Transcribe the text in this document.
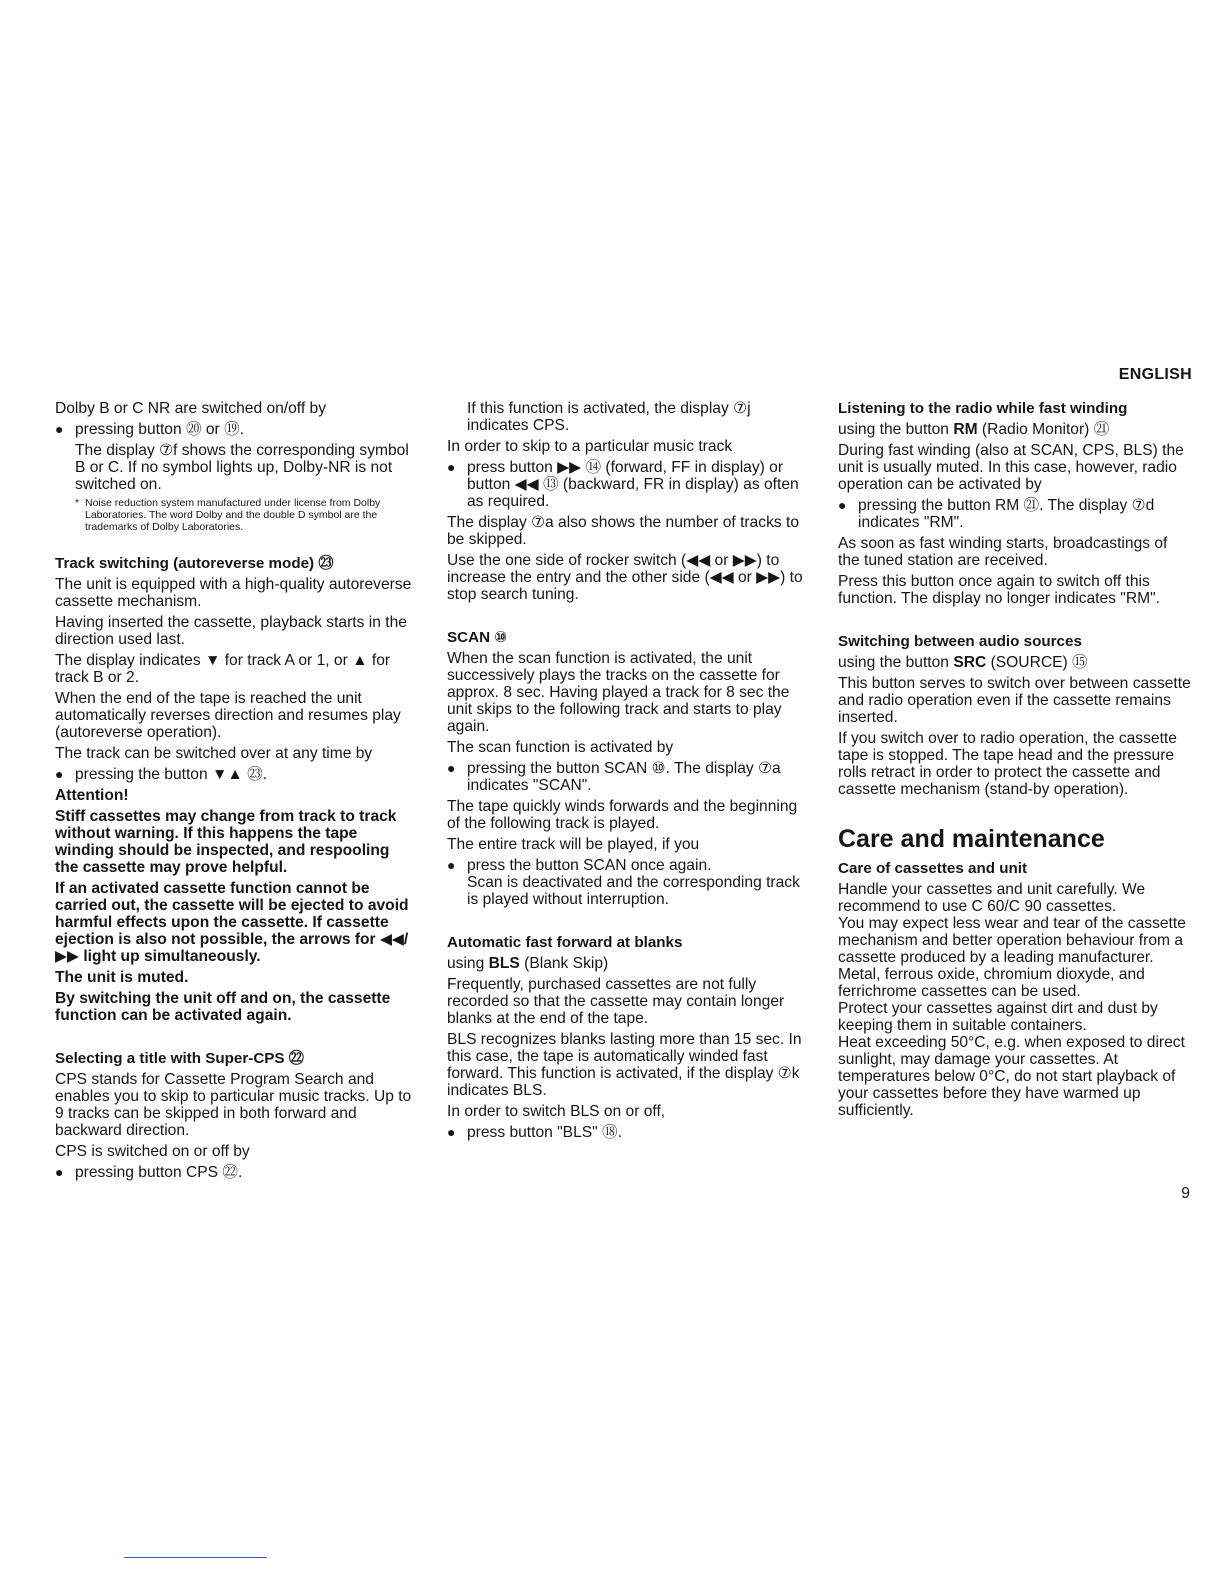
ENGLISH

Dolby B or C NR are switched on/off by

● pressing button ⑳ or ⑲.

The display ⑦f shows the corresponding symbol B or C. If no symbol lights up, Dolby-NR is not switched on.

* Noise reduction system manufactured under license from Dolby Laboratories. The word Dolby and the double D symbol are the trademarks of Dolby Laboratories.

Track switching (autoreverse mode) ㉓

The unit is equipped with a high-quality autoreverse cassette mechanism.

Having inserted the cassette, playback starts in the direction used last.

The display indicates ▼ for track A or 1, or ▲ for track B or 2.

When the end of the tape is reached the unit automatically reverses direction and resumes play (autoreverse operation).

The track can be switched over at any time by

● pressing the button ▼▲ ㉓.

Attention!

Stiff cassettes may change from track to track without warning. If this happens the tape winding should be inspected, and respooling the cassette may prove helpful.

If an activated cassette function cannot be carried out, the cassette will be ejected to avoid harmful effects upon the cassette. If cassette ejection is also not possible, the arrows for ◀◀/▶▶ light up simultaneously.

The unit is muted.

By switching the unit off and on, the cassette function can be activated again.

Selecting a title with Super-CPS ㉒

CPS stands for Cassette Program Search and enables you to skip to particular music tracks. Up to 9 tracks can be skipped in both forward and backward direction.

CPS is switched on or off by

● pressing button CPS ㉒.

If this function is activated, the display ⑦j indicates CPS.

In order to skip to a particular music track

● press button ▶▶ ⑭ (forward, FF in display) or button ◀◀ ⑬ (backward, FR in display) as often as required.

The display ⑦a also shows the number of tracks to be skipped.

Use the one side of rocker switch (◀◀ or ▶▶) to increase the entry and the other side (◀◀ or ▶▶) to stop search tuning.

SCAN ⑩

When the scan function is activated, the unit successively plays the tracks on the cassette for approx. 8 sec. Having played a track for 8 sec the unit skips to the following track and starts to play again.

The scan function is activated by

● pressing the button SCAN ⑩. The display ⑦a indicates "SCAN".

The tape quickly winds forwards and the beginning of the following track is played.

The entire track will be played, if you

● press the button SCAN once again.

Scan is deactivated and the corresponding track is played without interruption.

Automatic fast forward at blanks

using BLS (Blank Skip)

Frequently, purchased cassettes are not fully recorded so that the cassette may contain longer blanks at the end of the tape.

BLS recognizes blanks lasting more than 15 sec. In this case, the tape is automatically winded fast forward. This function is activated, if the display ⑦k indicates BLS.

In order to switch BLS on or off,

● press button "BLS" ⑱.

Listening to the radio while fast winding

using the button RM (Radio Monitor) ㉑

During fast winding (also at SCAN, CPS, BLS) the unit is usually muted. In this case, however, radio operation can be activated by

● pressing the button RM ㉑. The display ⑦d indicates "RM".

As soon as fast winding starts, broadcastings of the tuned station are received.

Press this button once again to switch off this function. The display no longer indicates "RM".

Switching between audio sources

using the button SRC (SOURCE) ⑮

This button serves to switch over between cassette and radio operation even if the cassette remains inserted.

If you switch over to radio operation, the cassette tape is stopped. The tape head and the pressure rolls retract in order to protect the cassette and cassette mechanism (stand-by operation).

Care and maintenance

Care of cassettes and unit

Handle your cassettes and unit carefully. We recommend to use C 60/C 90 cassettes.

You may expect less wear and tear of the cassette mechanism and better operation behaviour from a cassette produced by a leading manufacturer.

Metal, ferrous oxide, chromium dioxyde, and ferrichrome cassettes can be used.

Protect your cassettes against dirt and dust by keeping them in suitable containers.

Heat exceeding 50°C, e.g. when exposed to direct sunlight, may damage your cassettes. At temperatures below 0°C, do not start playback of your cassettes before they have warmed up sufficiently.

9
